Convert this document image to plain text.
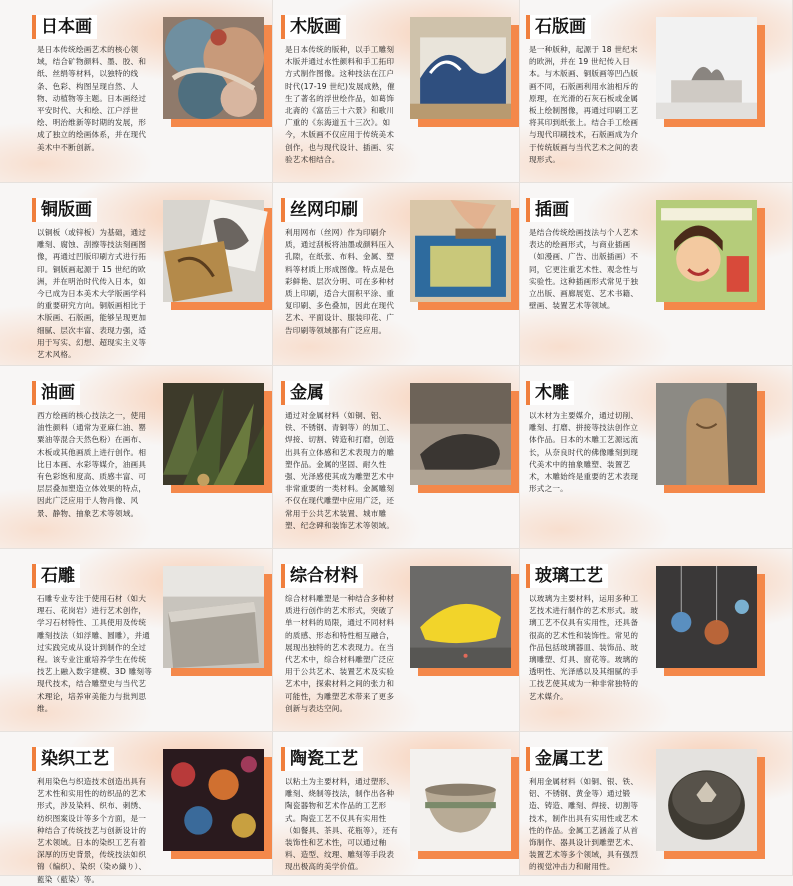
日本画
是日本传统绘画艺术的核心领域，结合矿物颜料、墨、胶、和纸、丝绢等材料，以独特的线条、色彩、构图呈现自然、人物、动植物等主题。日本画经过平安时代、大和绘、江户浮世绘、明治维新等时期的发展，形成了独立的绘画体系，并在现代美术中不断创新。
木版画
是日本传统的版种，以手工雕刻木版并通过水性颜料和手工拓印方式制作图像。这种技法在江户时代(17-19 世纪)发展成熟，催生了著名的浮世绘作品，如葛饰北斋的《富岳三十六景》和歌川广重的《东海道五十三次》。如今，木版画不仅应用于传统美术创作，也与现代设计、插画、实验艺术相结合。
石版画
是一种版种，起源于 18 世纪末的欧洲，并在 19 世纪传入日本。与木版画、铜版画等凹凸版画不同，石版画利用水油相斥的原理，在光滑的石灰石板或金属板上绘制图像，再通过印刷工艺将其印到纸张上。结合手工绘画与现代印刷技术，石版画成为介于传统版画与当代艺术之间的表现形式。
铜版画
以铜板（或锌板）为基础，通过雕刻、腐蚀、刮擦等技法刻画图像，再通过凹版印刷方式进行拓印。铜版画起源于 15 世纪的欧洲，并在明治时代传入日本，如今已成为日本美术大学版画学科的重要研究方向。铜版画相比于木版画、石版画，能够呈现更加细腻、层次丰富、表现力强，适用于写实、幻想、超现实主义等艺术风格。
丝网印刷
利用网布（丝网）作为印刷介质，通过刮板将油墨或颜料压入孔隙，在纸张、布料、金属、塑料等材质上形成图像。特点是色彩鲜艳、层次分明、可在多种材质上印刷，适合大面积平涂、重复印刷、多色叠加，因此在现代艺术、平面设计、服装印花、广告印刷等领域都有广泛应用。
插画
是结合传统绘画技法与个人艺术表达的绘画形式，与商业插画（如漫画、广告、出版插画）不同，它更注重艺术性、观念性与实验性。这种插画形式常见于独立出版、画廊展览、艺术书籍、壁画、装置艺术等领域。
油画
西方绘画的核心技法之一，使用油性颜料（通常为亚麻仁油、罂粟油等混合天然色粉）在画布、木板或其他画质上进行创作。相比日本画、水彩等媒介，油画具有色彩饱和度高、质感丰富、可层层叠加塑造立体效果的特点，因此广泛应用于人物肖像、风景、静物、抽象艺术等领域。
金属
通过对金属材料（如铜、铝、铁、不锈钢、青铜等）的加工、焊接、切割、铸造和打磨，创造出具有立体感和艺术表现力的雕塑作品。金属的坚固、耐久性强、光泽感使其成为雕塑艺术中非常重要的一类材料。金属雕刻不仅在现代雕塑中应用广泛，还常用于公共艺术装置、城市雕塑、纪念碑和装饰艺术等领域。
木雕
以木材为主要媒介，通过切削、雕刻、打磨、拼接等技法创作立体作品。日本的木雕工艺源远流长，从奈良时代的佛像雕刻到现代美术中的抽象雕塑、装置艺术，木雕始终是重要的艺术表现形式之一。
石雕
石雕专业专注于使用石材（如大理石、花岗岩）进行艺术创作，学习石材特性、工具使用及传统雕刻技法（如浮雕、圆雕），并通过实践完成从设计到制作的全过程。该专业注重培养学生在传统技艺上融入数字建模、3D 雕刻等现代技术，结合雕塑史与当代艺术理论，培养审美能力与批判思维。
综合材料
综合材料雕塑是一种结合多种材质进行创作的艺术形式，突破了单一材料的局限，通过不同材料的质感、形态和特性相互融合，展现出独特的艺术表现力。在当代艺术中，综合材料雕塑广泛应用于公共艺术、装置艺术及实验艺术中，探索材料之间的张力和可能性，为雕塑艺术带来了更多创新与表达空间。
玻璃工艺
以玻璃为主要材料，运用多种工艺技术进行制作的艺术形式。玻璃工艺不仅具有实用性，还具备很高的艺术性和装饰性。常见的作品包括玻璃器皿、装饰品、玻璃雕塑、灯具、窗花等。玻璃的透明性、光泽感以及其细腻的手工技艺使其成为一种非常独特的艺术媒介。
染织工艺
利用染色与织造技术创造出具有艺术性和实用性的纺织品的艺术形式，涉及染料、织布、刺绣、纺织图案设计等多个方面，是一种结合了传统技艺与创新设计的艺术领域。日本的染织工艺有着深厚的历史背景，传统技法如织锦（编织）、染织（染め織り）、藍染（藍染）等。
陶瓷工艺
以粘土为主要材料，通过塑形、雕刻、烧制等技法，制作出各种陶瓷器物和艺术作品的工艺形式。陶瓷工艺不仅具有实用性（如餐具、茶具、花瓶等），还有装饰性和艺术性，可以通过釉料、造型、纹理、雕刻等手段表现出极高的美学价值。
金属工艺
利用金属材料（如铜、银、铁、铝、不锈钢、黄金等）通过锻造、铸造、雕刻、焊接、切割等技术，制作出具有实用性或艺术性的作品。金属工艺涵盖了从首饰制作、器具设计到雕塑艺术、装置艺术等多个领域，具有强烈的视觉冲击力和耐用性。
